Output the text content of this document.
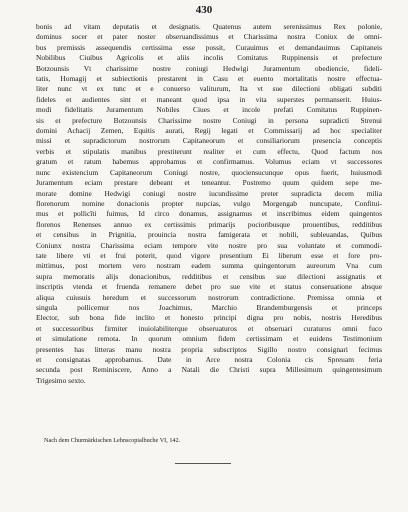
430
bonis ad vitam deputatis et designatis. Quatenus autem serenissimus Rex polonie,
dominus socer et pater noster obseruandissimus et Charissima nostra Coniux de omni-
bus premissis assequendis certissima esse possit, Curauimus et demandauimus Capitaneis
Nobilibus Ciuibus Agricolis et aliis incolis Comitatus Ruppinensis et prefecture
Botzounsis Vt charissime nostre coniugi Hedwigi Juramentum obediencie, fideli-
tatis, Homagij et subiectionis prestarent in Casu et euento mortalitatis nostre effectua-
liter nunc vt ex tunc et e conuerso valiturum, Ita vt sue dilectioni obligati subditi
fideles et audientes sint et maneant quod ipsa in vita superstes permanserit. Huius-
modi fidelitatis Juramentum Nobiles Ciues et incole prefati Comitatus Ruppinen-
sis et prefecture Botzounsis Charissime nostre Coniugi in persona supradicti Strenui
domini Achacij Zemen, Equitis aurati, Regij legati et Commissarij ad hoc specialiter
missi et supradictorum nostrorum Capitaneorum et consiliariorum presencia conceptis
verbis et stipulatis manibus prestiterunt realiter et cum effectu, Quod factum nos
gratum et ratum habemus approbamus et confirmamus. Volumus eciam vt successores
nunc existencium Capitaneorum Coniugi nostre, quociensucunque opus fuerit, huiusmodi
Juramentum eciam prestare debeant et teneantur. Postremo quum quidem sepe me-
morate domine Hedwigi coniugi nostre iucundissime preter supradicta decem milia
florenorum nomine donacionis propter nupcias, vulgo Morgengab nuncupate, Confitui-
mus et pollicīti fuimus, Id circo donamus, assignamus et inscribimus eidem quingentos
florenos Renenses annuo ex certissimis primarijs pocioribusque prouentibus, redditibus
et censibus in Prignitia, prouincia nostra famigerata et nobili, subleuandas, Quibus
Coniunx nostra Charissima eciam tempore vite nostre pro sua voluntate et commodi-
tate libere vti et frui poterit, quod vigore presentium Ei liberum esse et fore pro-
mittimus, post mortem vero nostram eadem summa quingentorum aureorum Vna cum
supra memoratis alijs donacionibus, redditibus et censibus sue dilectioni assignatis et
inscriptis vtenda et fruenda remanere debet pro sue vite et status conseruatione absque
aliqua cuiusuis heredum et successorum nostrorum contradictione. Premissa omnia et
singula pollicemur nos Joachimus, Marchio Brandemburgensis et princeps
Elector, sub bona fide inclito et honesto principi digna pro nobis, nostris Heredibus
et successoribus firmiter inuiolabiliterque obseruaturos et obseruari curaturos omni fuco
et simulatione remota. In quorum omnium fidem certissimam et euidens Testimonium
presentes has litteras manu nostra propria subscriptos Sigillo nostro consignari fecimus
et consignatas approbamus. Date in Arce nostra Colonia cis Spreuam feria
secunda post Reminiscere, Anno a Natali die Christi supra Millesimum quingentesimum
Trigesimo sexto.
Nach dem Churmärkischen Lehnscopialbuche VI, 142.
